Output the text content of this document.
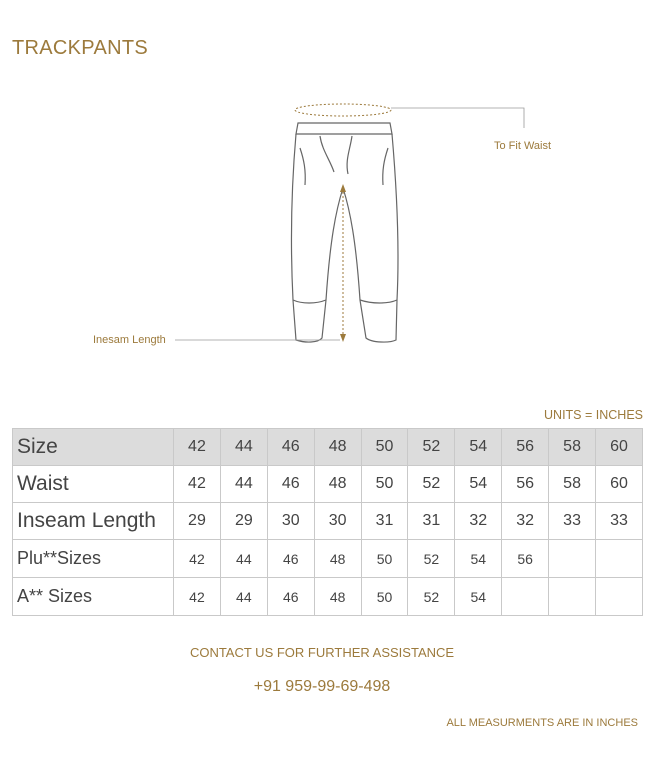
TRACKPANTS
To Fit Waist
Inesam Length
UNITS = INCHES
Size	42	44	46	48	50	52	54	56	58	60
Waist	42	44	46	48	50	52	54	56	58	60
Inseam Length	29	29	30	30	31	31	32	32	33	33
Plu**Sizes	42	44	46	48	50	52	54	56		
A** Sizes	42	44	46	48	50	52	54			
CONTACT US FOR FURTHER ASSISTANCE
+91 959-99-69-498
ALL MEASURMENTS ARE IN INCHES
